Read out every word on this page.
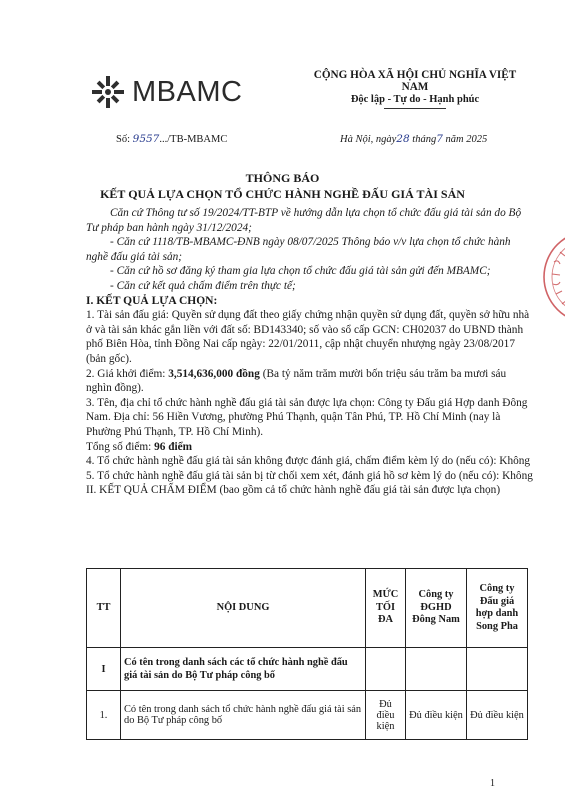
MBAMC
CỘNG HÒA XÃ HỘI CHỦ NGHĨA VIỆT NAM
Độc lập - Tự do - Hạnh phúc
Số: 9557.../TB-MBAMC	Hà Nội, ngày28 tháng7 năm 2025
THÔNG BÁO
KẾT QUẢ LỰA CHỌN TỔ CHỨC HÀNH NGHỀ ĐẤU GIÁ TÀI SẢN

Căn cứ Thông tư số 19/2024/TT-BTP về hướng dẫn lựa chọn tổ chức đấu giá tài sản do Bộ Tư pháp ban hành ngày 31/12/2024;

- Căn cứ 1118/TB-MBAMC-ĐNB ngày 08/07/2025 Thông báo v/v lựa chọn tổ chức hành nghề đấu giá tài sản;

- Căn cứ hồ sơ đăng ký tham gia lựa chọn tổ chức đấu giá tài sản gửi đến MBAMC;

- Căn cứ kết quả chấm điểm trên thực tế;

I. KẾT QUẢ LỰA CHỌN:

1. Tài sản đấu giá: Quyền sử dụng đất theo giấy chứng nhận quyền sử dụng đất, quyền sở hữu nhà ở và tài sản khác gắn liền với đất số: BD143340; số vào sổ cấp GCN: CH02037 do UBND thành phố Biên Hòa, tỉnh Đồng Nai cấp ngày: 22/01/2011, cập nhật chuyển nhượng ngày 23/08/2017 (bản gốc).

2. Giá khởi điểm: 3,514,636,000 đồng (Ba tỷ năm trăm mười bốn triệu sáu trăm ba mươi sáu nghìn đồng).

3. Tên, địa chỉ tổ chức hành nghề đấu giá tài sản được lựa chọn: Công ty Đấu giá Hợp danh Đông Nam. Địa chỉ: 56 Hiền Vương, phường Phú Thạnh, quận Tân Phú, TP. Hồ Chí Minh (nay là Phường Phú Thạnh, TP. Hồ Chí Minh).

Tổng số điểm: 96 điểm

4. Tổ chức hành nghề đấu giá tài sản không được đánh giá, chấm điểm kèm lý do (nếu có): Không

5. Tổ chức hành nghề đấu giá tài sản bị từ chối xem xét, đánh giá hồ sơ kèm lý do (nếu có): Không

II. KẾT QUẢ CHẤM ĐIỂM (bao gồm cả tổ chức hành nghề đấu giá tài sản được lựa chọn)

TT	NỘI DUNG	MỨC TỐI ĐA	Công ty ĐGHD Đông Nam	Công ty Đấu giá hợp danh Song Pha
I	Có tên trong danh sách các tổ chức hành nghề đấu giá tài sản do Bộ Tư pháp công bố			
1.	Có tên trong danh sách tổ chức hành nghề đấu giá tài sản do Bộ Tư pháp công bố	Đủ điều kiện	Đủ điều kiện	Đủ điều kiện
1
